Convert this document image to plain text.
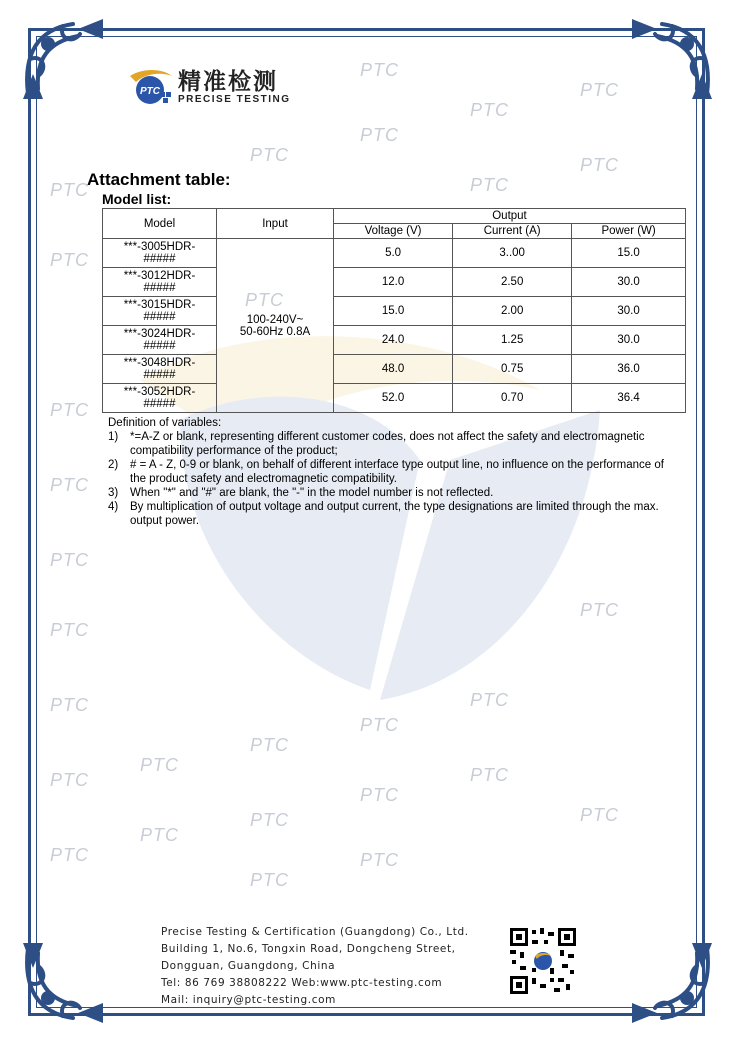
PTC
PTC
PTC
PTC
PTC
PTC
PTC
PTC
PTC
PTC
PTC
PTC
PTC	PTC
PTC
PTC
PTC
PTC
PTC
PTC
PTC
PTC
PTC
PTC
PTC
PTC
PTC
PTC
PTC
PTC 精准检测
PRECISE TESTING
Attachment table:
Model list:
Model	Input	Output		
		Voltage (V)	Current (A)	Power (W)
***-3005HDR-
#####	100-240V~
50-60Hz 0.8A	5.0	3..00	15.0
***-3012HDR-
#####		12.0	2.50	30.0
***-3015HDR-
#####		15.0	2.00	30.0
***-3024HDR-
#####		24.0	1.25	30.0
***-3048HDR-
#####		48.0	0.75	36.0
***-3052HDR-
#####		52.0	0.70	36.4
Definition of variables:
1) *=A-Z or blank, representing different customer codes, does not affect the safety and electromagnetic compatibility performance of the product;
2) # = A - Z, 0-9 or blank, on behalf of different interface type output line, no influence on the performance of the product safety and electromagnetic compatibility.
3) When "*" and "#" are blank, the "-" in the model number is not reflected.
4) By multiplication of output voltage and output current, the type designations are limited through the max. output power.
Precise Testing & Certification (Guangdong) Co., Ltd.
Building 1, No.6, Tongxin Road, Dongcheng Street,
Dongguan, Guangdong, China
Tel: 86 769 38808222 Web:www.ptc-testing.com
Mail: inquiry@ptc-testing.com
